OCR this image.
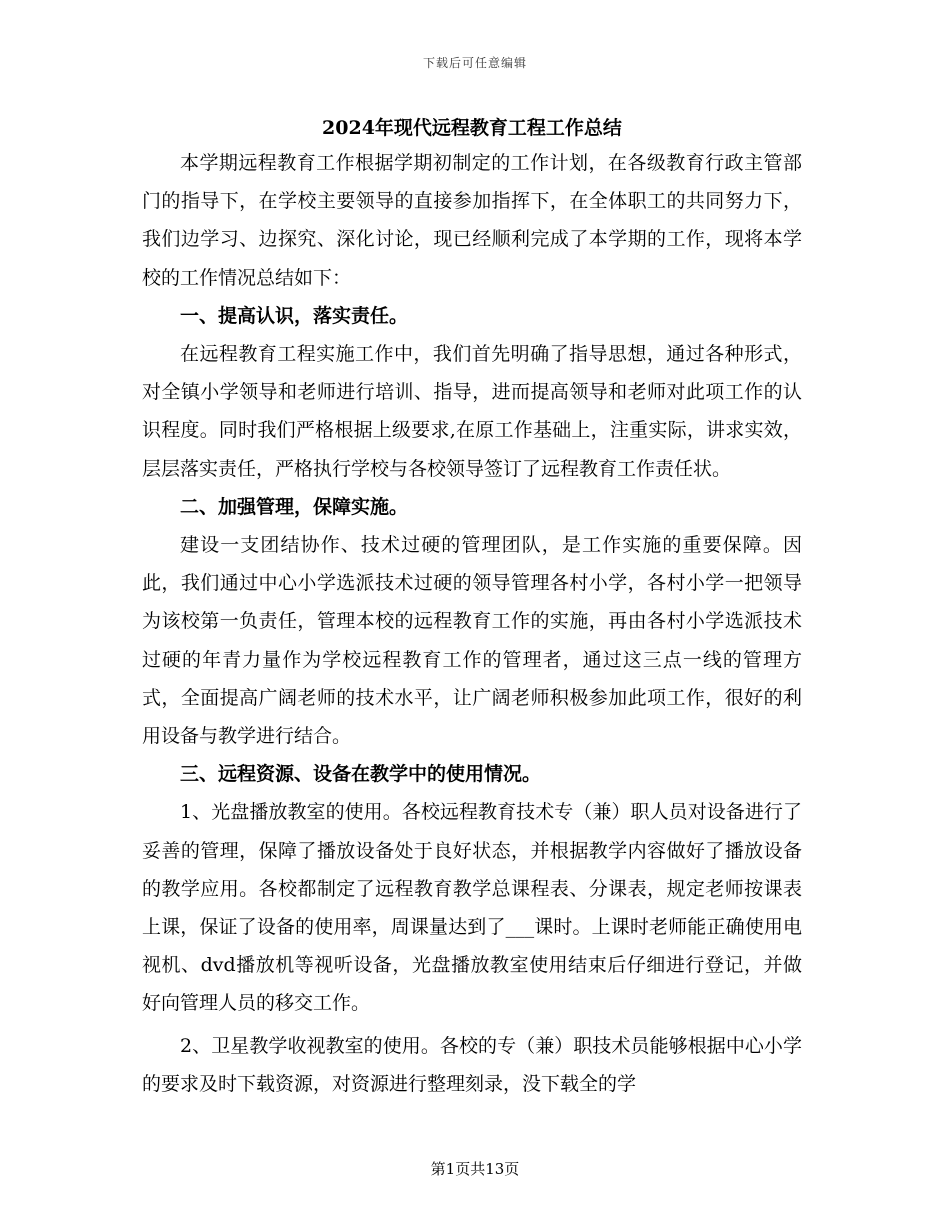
下载后可任意编辑
2024年现代远程教育工程工作总结

本学期远程教育工作根据学期初制定的工作计划，在各级教育行政主管部门的指导下，在学校主要领导的直接参加指挥下，在全体职工的共同努力下，我们边学习、边探究、深化讨论，现已经顺利完成了本学期的工作，现将本学校的工作情况总结如下：

一、提高认识，落实责任。

在远程教育工程实施工作中，我们首先明确了指导思想，通过各种形式，对全镇小学领导和老师进行培训、指导，进而提高领导和老师对此项工作的认识程度。同时我们严格根据上级要求,在原工作基础上，注重实际，讲求实效，层层落实责任，严格执行学校与各校领导签订了远程教育工作责任状。

二、加强管理，保障实施。

建设一支团结协作、技术过硬的管理团队，是工作实施的重要保障。因此，我们通过中心小学选派技术过硬的领导管理各村小学，各村小学一把领导为该校第一负责任，管理本校的远程教育工作的实施，再由各村小学选派技术过硬的年青力量作为学校远程教育工作的管理者，通过这三点一线的管理方式，全面提高广阔老师的技术水平，让广阔老师积极参加此项工作，很好的利用设备与教学进行结合。

三、远程资源、设备在教学中的使用情况。

1、光盘播放教室的使用。各校远程教育技术专（兼）职人员对设备进行了妥善的管理，保障了播放设备处于良好状态，并根据教学内容做好了播放设备的教学应用。各校都制定了远程教育教学总课程表、分课表，规定老师按课表上课，保证了设备的使用率，周课量达到了___课时。上课时老师能正确使用电视机、dvd播放机等视听设备，光盘播放教室使用结束后仔细进行登记，并做好向管理人员的移交工作。

2、卫星教学收视教室的使用。各校的专（兼）职技术员能够根据中心小学的要求及时下载资源，对资源进行整理刻录，没下载全的学

第1页共13页
